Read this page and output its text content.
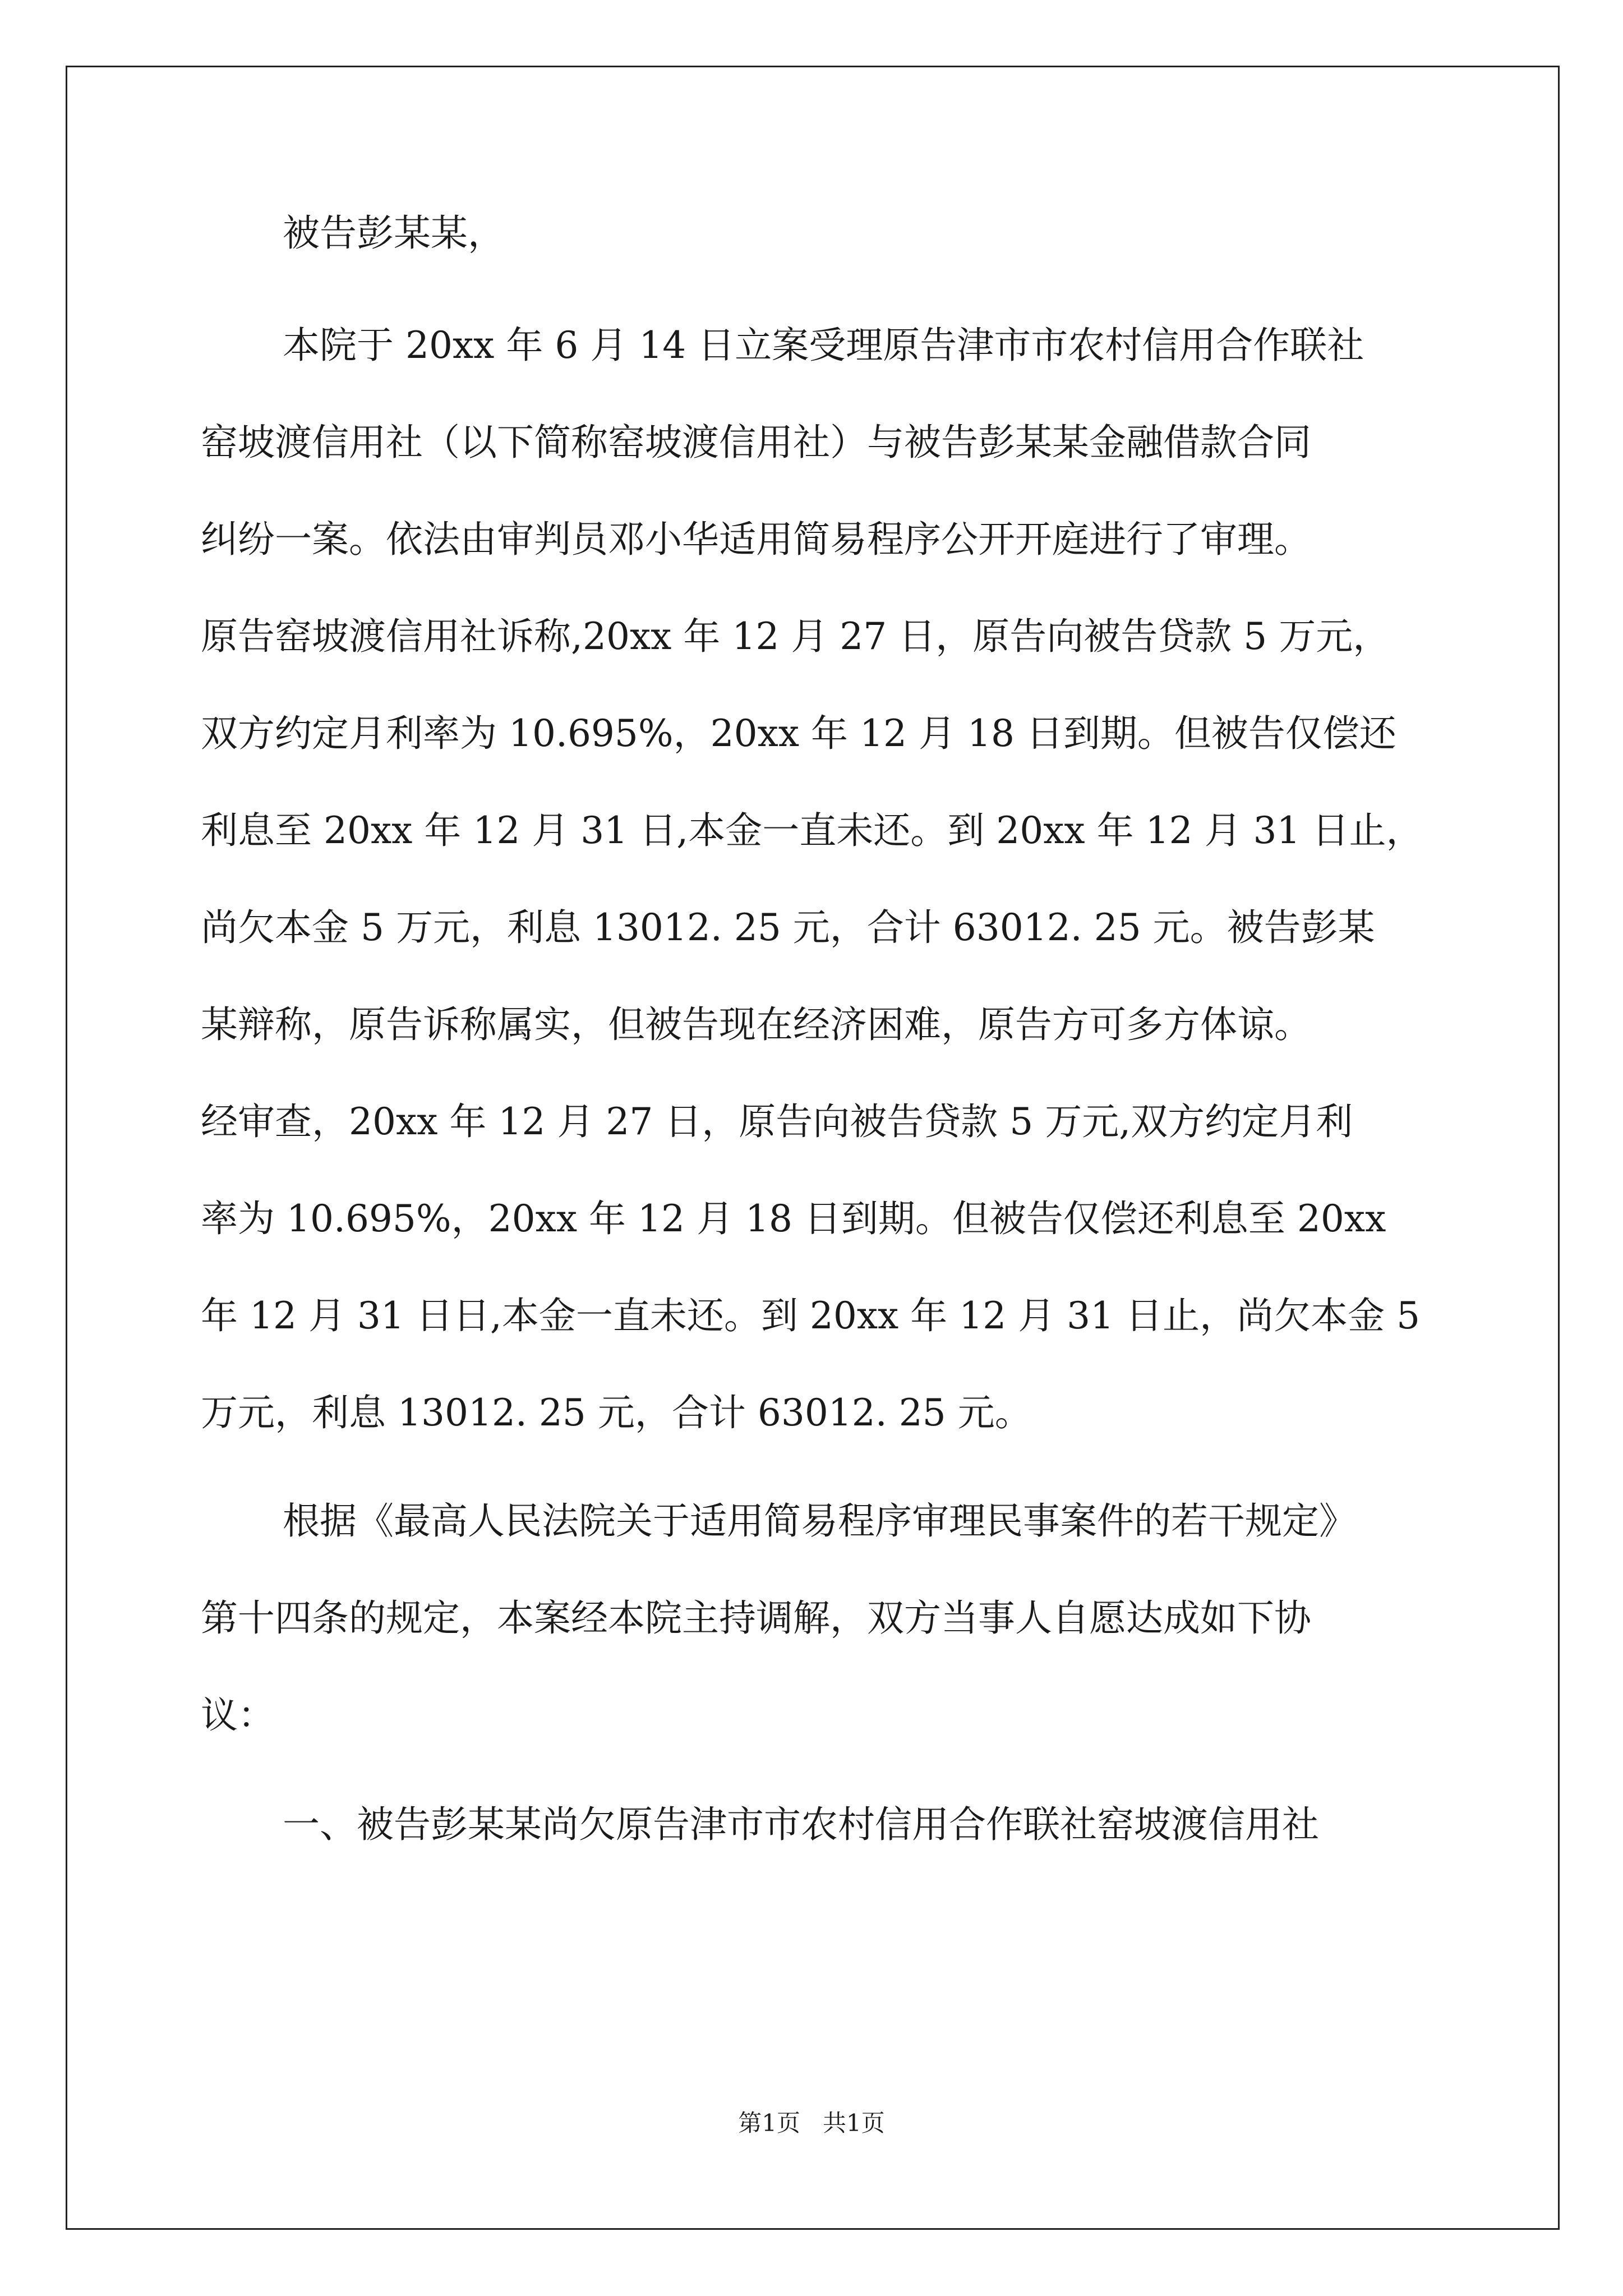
被告彭某某，
本院于 20xx 年 6 月 14 日立案受理原告津市市农村信用合作联社
窑坡渡信用社（以下简称窑坡渡信用社）与被告彭某某金融借款合同
纠纷一案。依法由审判员邓小华适用简易程序公开开庭进行了审理。
原告窑坡渡信用社诉称,20xx 年 12 月 27 日，原告向被告贷款 5 万元，
双方约定月利率为 10.695%，20xx 年 12 月 18 日到期。但被告仅偿还
利息至 20xx 年 12 月 31 日,本金一直未还。到 20xx 年 12 月 31 日止，
尚欠本金 5 万元，利息 13012. 25 元，合计 63012. 25 元。被告彭某
某辩称，原告诉称属实，但被告现在经济困难，原告方可多方体谅。
经审查，20xx 年 12 月 27 日，原告向被告贷款 5 万元,双方约定月利
率为 10.695%，20xx 年 12 月 18 日到期。但被告仅偿还利息至 20xx
年 12 月 31 日日,本金一直未还。到 20xx 年 12 月 31 日止，尚欠本金 5
万元，利息 13012. 25 元，合计 63012. 25 元。
根据《最高人民法院关于适用简易程序审理民事案件的若干规定》
第十四条的规定，本案经本院主持调解，双方当事人自愿达成如下协
议：
一、被告彭某某尚欠原告津市市农村信用合作联社窑坡渡信用社
第1页   共1页
